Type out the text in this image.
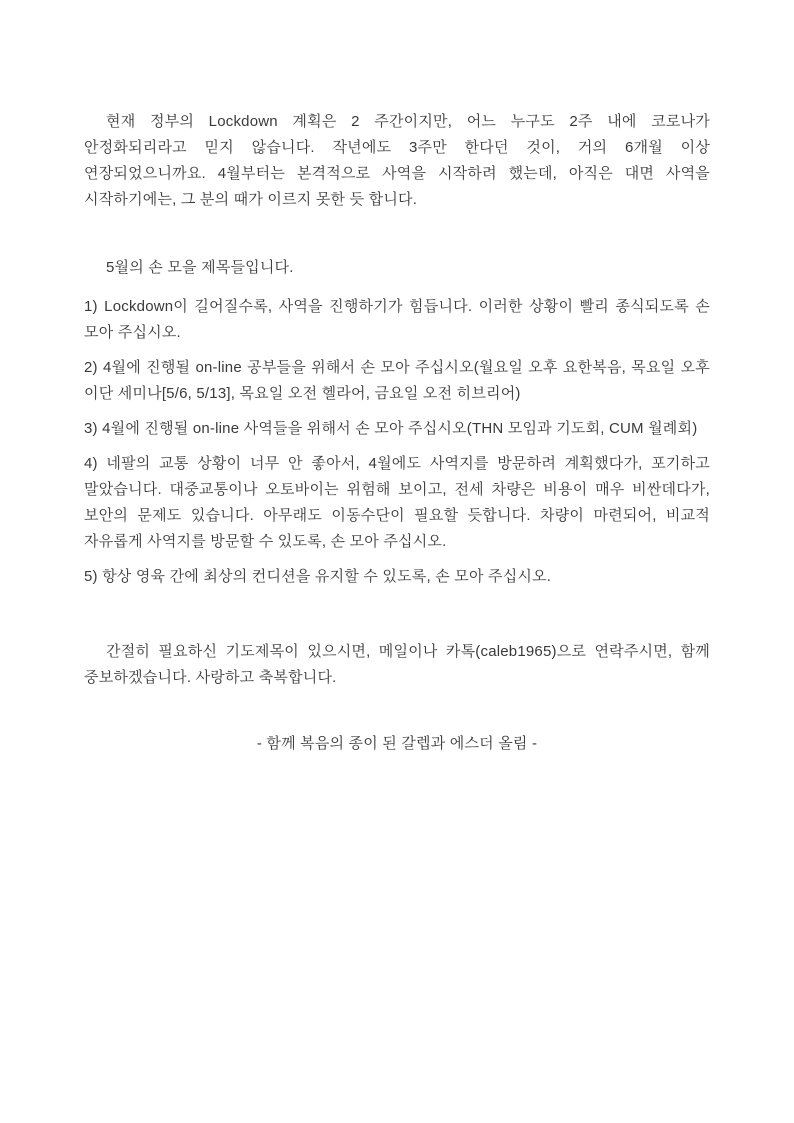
현재 정부의 Lockdown 계획은 2 주간이지만, 어느 누구도 2주 내에 코로나가 안정화되리라고 믿지 않습니다. 작년에도 3주만 한다던 것이, 거의 6개월 이상 연장되었으니까요. 4월부터는 본격적으로 사역을 시작하려 했는데, 아직은 대면 사역을 시작하기에는, 그 분의 때가 이르지 못한 듯 합니다.

5월의 손 모을 제목들입니다.

1) Lockdown이 길어질수록, 사역을 진행하기가 힘듭니다. 이러한 상황이 빨리 종식되도록 손 모아 주십시오.

2) 4월에 진행될 on-line 공부들을 위해서 손 모아 주십시오(월요일 오후 요한복음, 목요일 오후 이단 세미나[5/6, 5/13], 목요일 오전 헬라어, 금요일 오전 히브리어)

3) 4월에 진행될 on-line 사역들을 위해서 손 모아 주십시오(THN 모임과 기도회, CUM 월례회)

4) 네팔의 교통 상황이 너무 안 좋아서, 4월에도 사역지를 방문하려 계획했다가, 포기하고 말았습니다. 대중교통이나 오토바이는 위험해 보이고, 전세 차량은 비용이 매우 비싼데다가, 보안의 문제도 있습니다. 아무래도 이동수단이 필요할 듯합니다. 차량이 마련되어, 비교적 자유롭게 사역지를 방문할 수 있도록, 손 모아 주십시오.

5) 항상 영육 간에 최상의 컨디션을 유지할 수 있도록, 손 모아 주십시오.

간절히 필요하신 기도제목이 있으시면, 메일이나 카톡(caleb1965)으로 연락주시면, 함께 중보하겠습니다. 사랑하고 축복합니다.

- 함께 복음의 종이 된 갈렙과 에스더 올림 -
